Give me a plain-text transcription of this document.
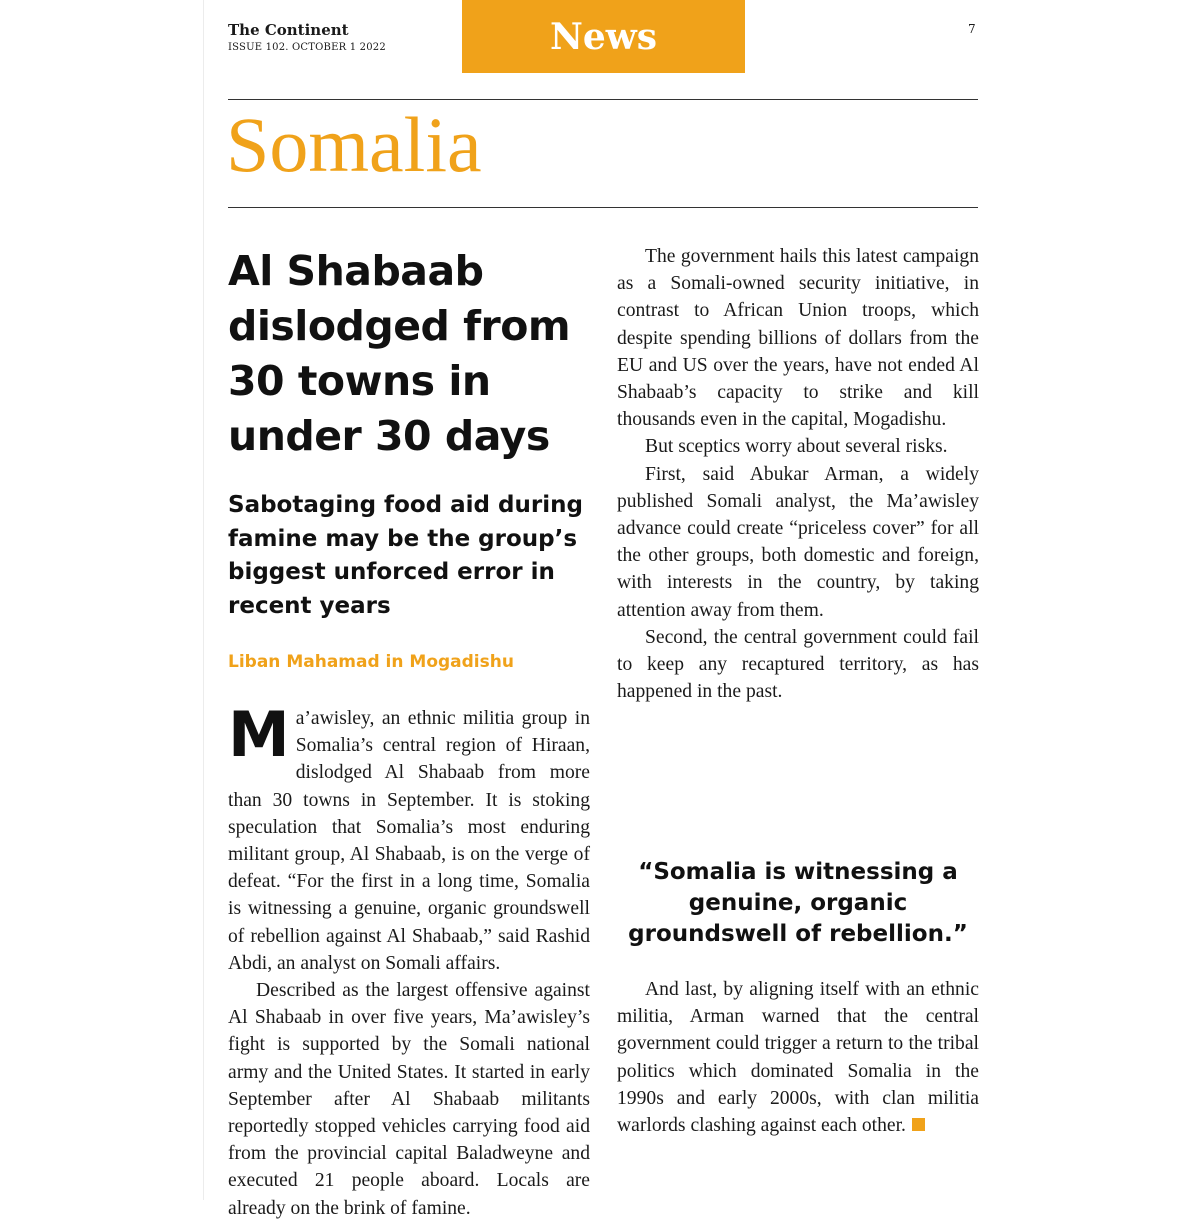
The Continent
ISSUE 102. OCTOBER 1 2022	News	7
Somalia
Al Shabaab dislodged from 30 towns in under 30 days
Sabotaging food aid during famine may be the group’s biggest unforced error in recent years
Liban Mahamad in Mogadishu

Ma’awisley, an ethnic militia group in Somalia’s central region of Hiraan, dislodged Al Shabaab from more than 30 towns in September. It is stoking speculation that Somalia’s most enduring militant group, Al Shabaab, is on the verge of defeat. “For the first in a long time, Somalia is witnessing a genuine, organic groundswell of rebellion against Al Shabaab,” said Rashid Abdi, an analyst on Somali affairs.

Described as the largest offensive against Al Shabaab in over five years, Ma’awisley’s fight is supported by the Somali national army and the United States. It started in early September after Al Shabaab militants reportedly stopped vehicles carrying food aid from the provincial capital Baladweyne and executed 21 people aboard. Locals are already on the brink of famine.

The government hails this latest campaign as a Somali-owned security initiative, in contrast to African Union troops, which despite spending billions of dollars from the EU and US over the years, have not ended Al Shabaab’s capacity to strike and kill thousands even in the capital, Mogadishu.

But sceptics worry about several risks.

First, said Abukar Arman, a widely published Somali analyst, the Ma’awisley advance could create “priceless cover” for all the other groups, both domestic and foreign, with interests in the country, by taking attention away from them.

Second, the central government could fail to keep any recaptured territory, as has happened in the past.

“Somalia is witnessing a genuine, organic groundswell of rebellion.”

And last, by aligning itself with an ethnic militia, Arman warned that the central government could trigger a return to the tribal politics which dominated Somalia in the 1990s and early 2000s, with clan militia warlords clashing against each other.
